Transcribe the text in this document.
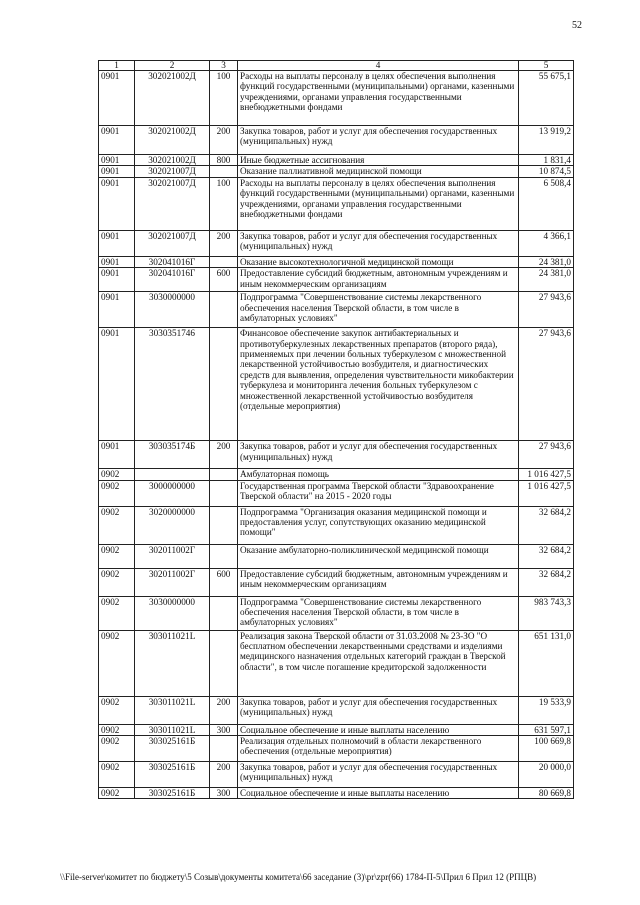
52
1	2	3	4	5
0901	302021002Д	100	Расходы на выплаты персоналу в целях обеспечения выполнения функций государственными (муниципальными) органами, казенными учреждениями, органами управления государственными внебюджетными фондами	55 675,1
0901	302021002Д	200	Закупка товаров, работ и услуг для обеспечения государственных (муниципальных) нужд	13 919,2
0901	302021002Д	800	Иные бюджетные ассигнования	1 831,4
0901	302021007Д		Оказание паллиативной медицинской помощи	10 874,5
0901	302021007Д	100	Расходы на выплаты персоналу в целях обеспечения выполнения функций государственными (муниципальными) органами, казенными учреждениями, органами управления государственными внебюджетными фондами	6 508,4
0901	302021007Д	200	Закупка товаров, работ и услуг для обеспечения государственных (муниципальных) нужд	4 366,1
0901	302041016Г		Оказание высокотехнологичной медицинской помощи	24 381,0
0901	302041016Г	600	Предоставление субсидий бюджетным, автономным учреждениям и иным некоммерческим организациям	24 381,0
0901	3030000000		Подпрограмма "Совершенствование системы лекарственного обеспечения населения Тверской области, в том числе в амбулаторных условиях"	27 943,6
0901	3030351746		Финансовое обеспечение закупок антибактериальных и противотуберкулезных лекарственных препаратов (второго ряда), применяемых при лечении больных туберкулезом с множественной лекарственной устойчивостью возбудителя, и диагностических средств для выявления, определения чувствительности микобактерии туберкулеза и мониторинга лечения больных туберкулезом с множественной лекарственной устойчивостью возбудителя (отдельные мероприятия)	27 943,6
0901	303035174Б	200	Закупка товаров, работ и услуг для обеспечения государственных (муниципальных) нужд	27 943,6
0902			Амбулаторная помощь	1 016 427,5
0902	3000000000		Государственная программа Тверской области "Здравоохранение Тверской области" на 2015 - 2020 годы	1 016 427,5
0902	3020000000		Подпрограмма "Организация оказания медицинской помощи и предоставления услуг, сопутствующих оказанию медицинской помощи"	32 684,2
0902	302011002Г		Оказание амбулаторно-поликлинической медицинской помощи	32 684,2
0902	302011002Г	600	Предоставление субсидий бюджетным, автономным учреждениям и иным некоммерческим организациям	32 684,2
0902	3030000000		Подпрограмма "Совершенствование системы лекарственного обеспечения населения Тверской области, в том числе в амбулаторных условиях"	983 743,3
0902	303011021L		Реализация закона Тверской области от 31.03.2008 № 23-ЗО "О бесплатном обеспечении лекарственными средствами и изделиями медицинского назначения отдельных категорий граждан в Тверской области", в том числе погашение кредиторской задолженности	651 131,0
0902	303011021L	200	Закупка товаров, работ и услуг для обеспечения государственных (муниципальных) нужд	19 533,9
0902	303011021L	300	Социальное обеспечение и иные выплаты населению	631 597,1
0902	303025161Б		Реализация отдельных полномочий в области лекарственного обеспечения (отдельные мероприятия)	100 669,8
0902	303025161Б	200	Закупка товаров, работ и услуг для обеспечения государственных (муниципальных) нужд	20 000,0
0902	303025161Б	300	Социальное обеспечение и иные выплаты населению	80 669,8
\\File-server\комитет по бюджету\5 Созыв\документы комитета\66 заседание (3)\pr\zpr(66) 1784-П-5\Прил 6 Прил 12 (РПЦВ)
